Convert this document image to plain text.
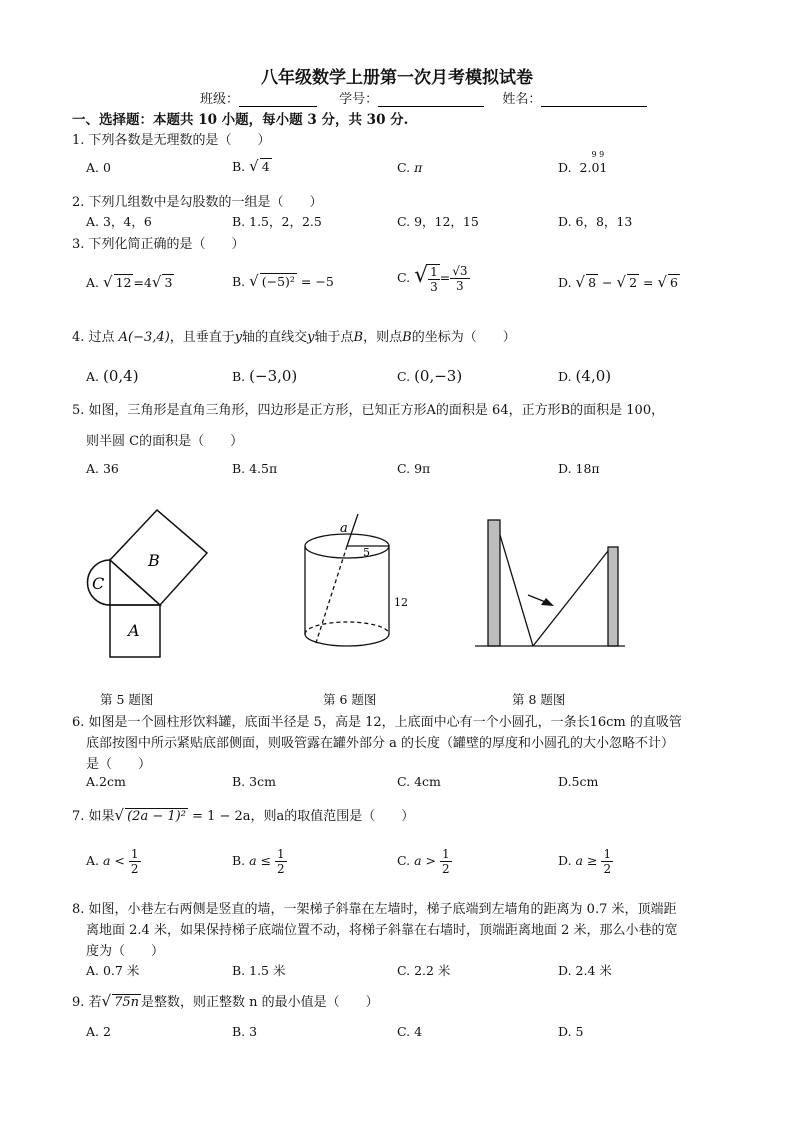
八年级数学上册第一次月考模拟试卷
班级：	学号：	姓名：
一、选择题：本题共 10 小题，每小题 3 分，共 30 分.
1. 下列各数是无理数的是（　　）
A. 0	B. √ 4	C. π	D.
9 9
2.01
2. 下列几组数中是勾股数的一组是（　　）
A. 3，4，6	B. 1.5，2，2.5	C. 9，12，15	D. 6，8，13
3. 下列化简正确的是（　　）
A. √ 12 =4√ 3	B. √ (−5)² = −5	C. √ $\frac{1}{3} = \frac{√3}{3}$	D. √ 8 − √ 2 = √ 6
4. 过点 A(−3,4)，且垂直于y轴的直线交y轴于点B，则点B的坐标为（　　）
A. (0,4)	B. (−3,0)	C. (0,−3)	D. (4,0)
5. 如图，三角形是直角三角形，四边形是正方形，已知正方形A的面积是 64，正方形B的面积是 100，
则半圆 C的面积是（　　）
A. 36	B. 4.5π	C. 9π	D. 18π
B
C
A
第 5 题图
a
5
12
第 6 题图	第 8 题图
6. 如图是一个圆柱形饮料罐，底面半径是 5，高是 12，上底面中心有一个小圆孔，一条长16cm 的直吸管
底部按图中所示紧贴底部侧面，则吸管露在罐外部分 a 的长度（罐壁的厚度和小圆孔的大小忽略不计）
是（　　）
A.2cm	B. 3cm	C. 4cm	D.5cm
7. 如果√ (2a − 1)² = 1 − 2a，则a的取值范围是（　　）
A. $a < \frac{1}{2}$	B. $a \le \frac{1}{2}$	C. $a > \frac{1}{2}$	D. $a \ge \frac{1}{2}$
8. 如图，小巷左右两侧是竖直的墙，一架梯子斜靠在左墙时，梯子底端到左墙角的距离为 0.7 米，顶端距
离地面 2.4 米，如果保持梯子底端位置不动，将梯子斜靠在右墙时，顶端距离地面 2 米，那么小巷的宽
度为（　　）
A. 0.7 米	B. 1.5 米	C. 2.2 米	D. 2.4 米
9. 若√ 75n 是整数，则正整数 n 的最小值是（　　）
A. 2	B. 3	C. 4	D. 5
